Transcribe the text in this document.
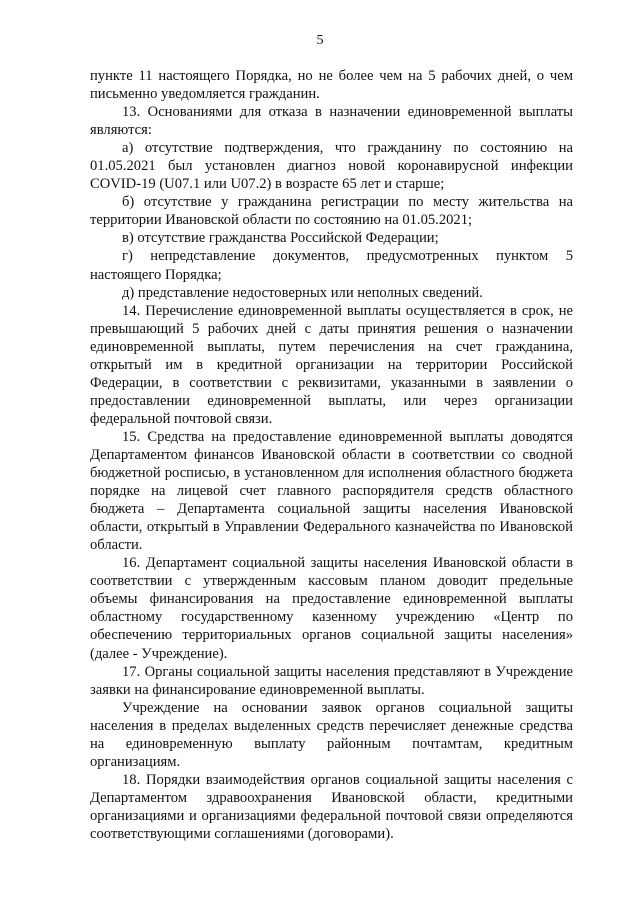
5

пункте 11 настоящего Порядка, но не более чем на 5 рабочих дней, о чем письменно уведомляется гражданин.

13. Основаниями для отказа в назначении единовременной выплаты являются:

а) отсутствие подтверждения, что гражданину по состоянию на 01.05.2021 был установлен диагноз новой коронавирусной инфекции COVID-19 (U07.1 или U07.2) в возрасте 65 лет и старше;

б) отсутствие у гражданина регистрации по месту жительства на территории Ивановской области по состоянию на 01.05.2021;

в) отсутствие гражданства Российской Федерации;

г) непредставление документов, предусмотренных пунктом 5 настоящего Порядка;

д) представление недостоверных или неполных сведений.

14. Перечисление единовременной выплаты осуществляется в срок, не превышающий 5 рабочих дней с даты принятия решения о назначении единовременной выплаты, путем перечисления на счет гражданина, открытый им в кредитной организации на территории Российской Федерации, в соответствии с реквизитами, указанными в заявлении о предоставлении единовременной выплаты, или через организации федеральной почтовой связи.

15. Средства на предоставление единовременной выплаты доводятся Департаментом финансов Ивановской области в соответствии со сводной бюджетной росписью, в установленном для исполнения областного бюджета порядке на лицевой счет главного распорядителя средств областного бюджета – Департамента социальной защиты населения Ивановской области, открытый в Управлении Федерального казначейства по Ивановской области.

16. Департамент социальной защиты населения Ивановской области в соответствии с утвержденным кассовым планом доводит предельные объемы финансирования на предоставление единовременной выплаты областному государственному казенному учреждению «Центр по обеспечению территориальных органов социальной защиты населения» (далее - Учреждение).

17. Органы социальной защиты населения представляют в Учреждение заявки на финансирование единовременной выплаты.

Учреждение на основании заявок органов социальной защиты населения в пределах выделенных средств перечисляет денежные средства на единовременную выплату районным почтамтам, кредитным организациям.

18. Порядки взаимодействия органов социальной защиты населения с Департаментом здравоохранения Ивановской области, кредитными организациями и организациями федеральной почтовой связи определяются соответствующими соглашениями (договорами).
